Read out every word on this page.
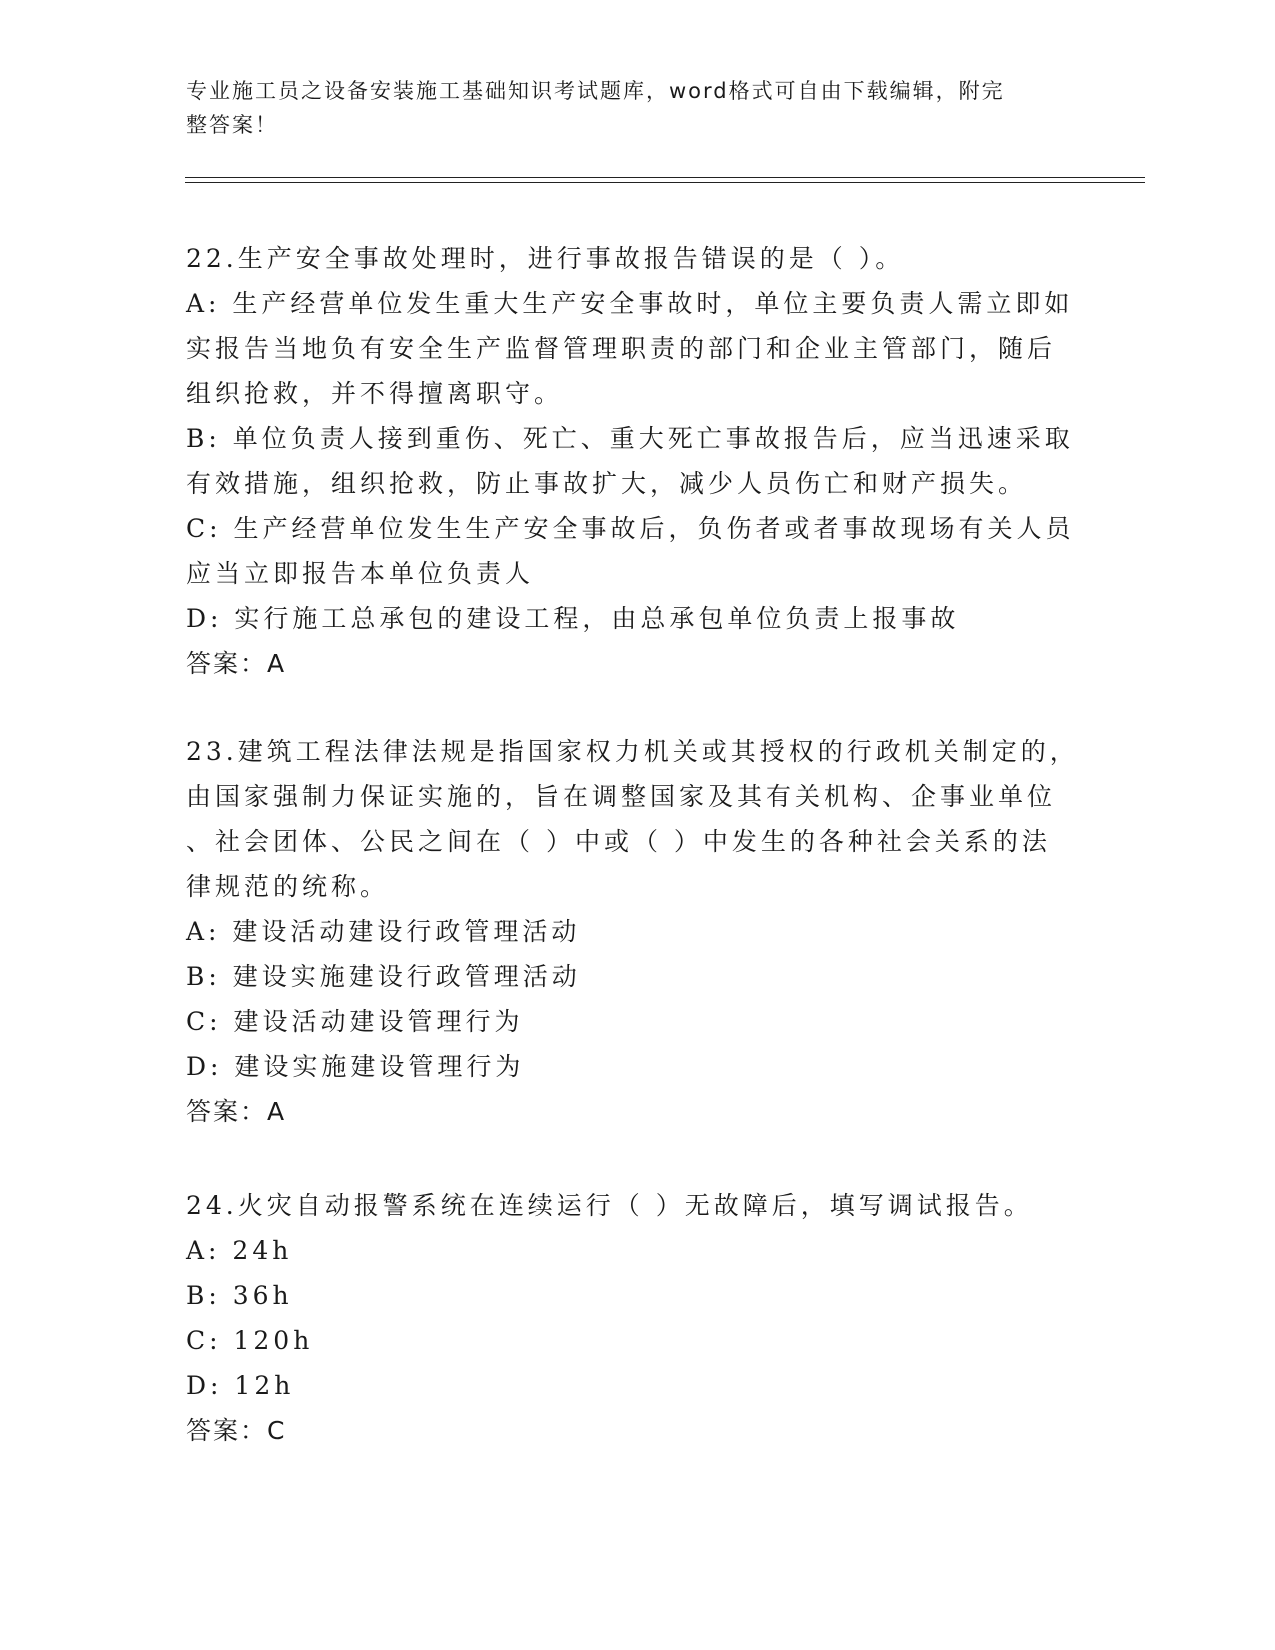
专业施工员之设备安装施工基础知识考试题库，word格式可自由下载编辑，附完
整答案！
22.生产安全事故处理时，进行事故报告错误的是（ ）。
A: 生产经营单位发生重大生产安全事故时，单位主要负责人需立即如
实报告当地负有安全生产监督管理职责的部门和企业主管部门，随后
组织抢救，并不得擅离职守。
B: 单位负责人接到重伤、死亡、重大死亡事故报告后，应当迅速采取
有效措施，组织抢救，防止事故扩大，减少人员伤亡和财产损失。
C: 生产经营单位发生生产安全事故后，负伤者或者事故现场有关人员
应当立即报告本单位负责人
D: 实行施工总承包的建设工程，由总承包单位负责上报事故
答案：A
23.建筑工程法律法规是指国家权力机关或其授权的行政机关制定的，
由国家强制力保证实施的，旨在调整国家及其有关机构、企事业单位
、社会团体、公民之间在（ ）中或（ ）中发生的各种社会关系的法
律规范的统称。
A: 建设活动建设行政管理活动
B: 建设实施建设行政管理活动
C: 建设活动建设管理行为
D: 建设实施建设管理行为
答案：A
24.火灾自动报警系统在连续运行（ ）无故障后，填写调试报告。
A: 24h
B: 36h
C: 120h
D: 12h
答案：C
